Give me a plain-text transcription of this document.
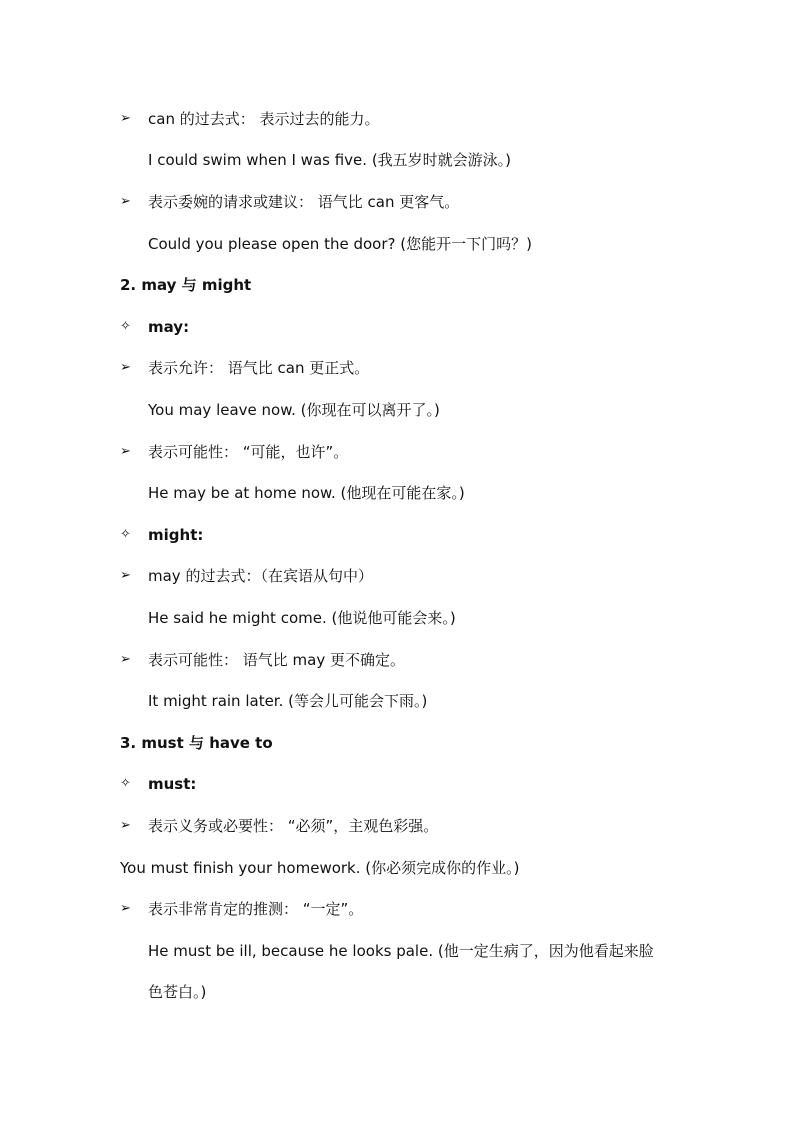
➢	can 的过去式： 表示过去的能力。
I could swim when I was five. (我五岁时就会游泳。)
➢	表示委婉的请求或建议： 语气比 can 更客气。
Could you please open the door? (您能开一下门吗？)
2. may 与 might
✧	may:
➢	表示允许： 语气比 can 更正式。
You may leave now. (你现在可以离开了。)
➢	表示可能性： “可能，也许”。
He may be at home now. (他现在可能在家。)
✧	might:
➢	may 的过去式：（在宾语从句中）
He said he might come. (他说他可能会来。)
➢	表示可能性： 语气比 may 更不确定。
It might rain later. (等会儿可能会下雨。)
3. must 与 have to
✧	must:
➢	表示义务或必要性： “必须”，主观色彩强。
You must finish your homework. (你必须完成你的作业。)
➢	表示非常肯定的推测： “一定”。
He must be ill, because he looks pale. (他一定生病了，因为他看起来脸
色苍白。)
